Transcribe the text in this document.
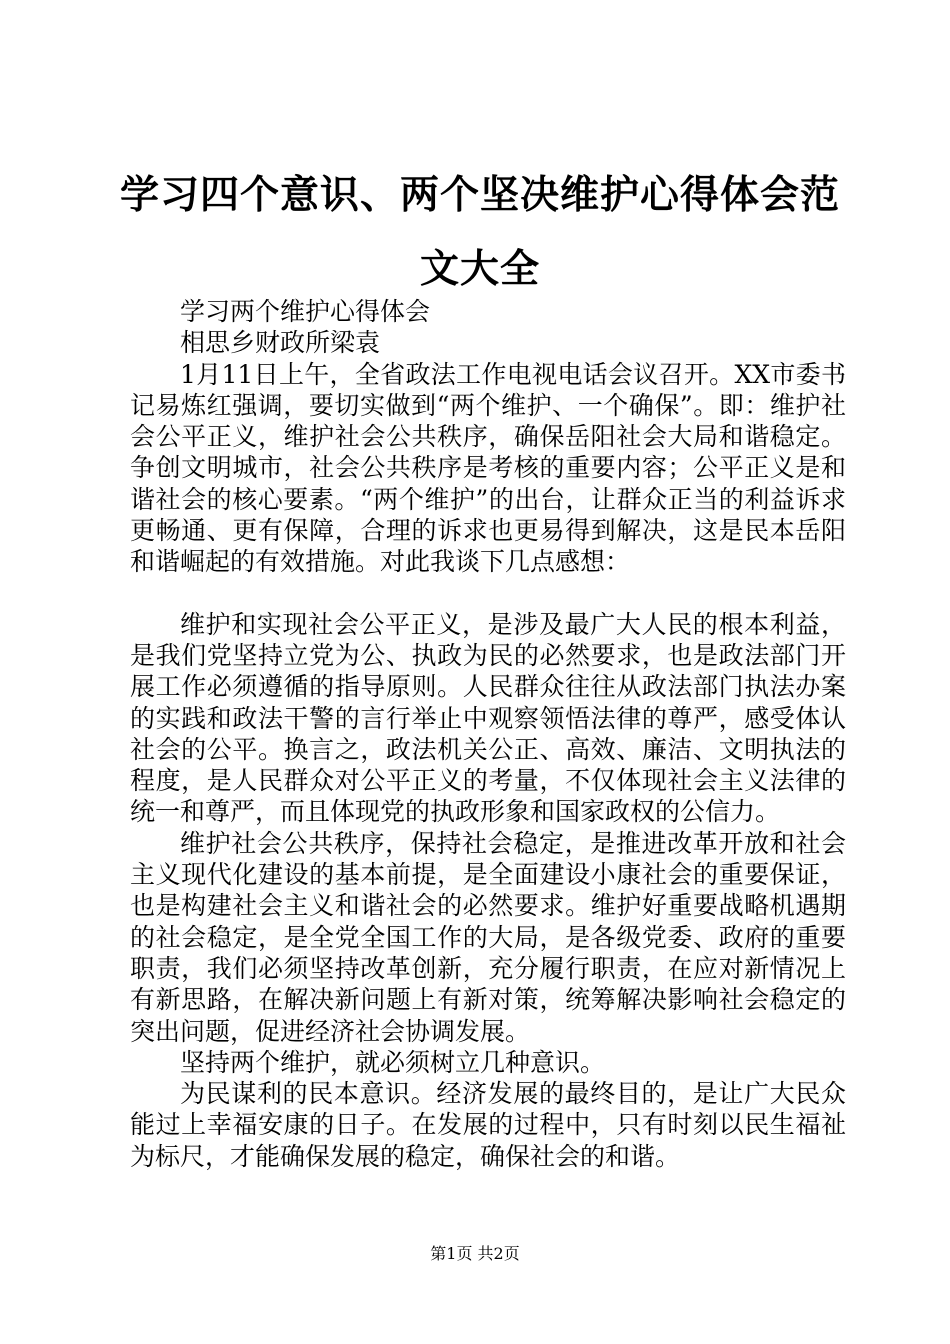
学习四个意识、两个坚决维护心得体会范文大全

学习两个维护心得体会

相思乡财政所梁袁

1月11日上午，全省政法工作电视电话会议召开。XX市委书记易炼红强调，要切实做到“两个维护、一个确保”。即：维护社会公平正义，维护社会公共秩序，确保岳阳社会大局和谐稳定。争创文明城市，社会公共秩序是考核的重要内容；公平正义是和谐社会的核心要素。“两个维护”的出台，让群众正当的利益诉求更畅通、更有保障，合理的诉求也更易得到解决，这是民本岳阳和谐崛起的有效措施。对此我谈下几点感想：

维护和实现社会公平正义，是涉及最广大人民的根本利益，是我们党坚持立党为公、执政为民的必然要求，也是政法部门开展工作必须遵循的指导原则。人民群众往往从政法部门执法办案的实践和政法干警的言行举止中观察领悟法律的尊严，感受体认社会的公平。换言之，政法机关公正、高效、廉洁、文明执法的程度，是人民群众对公平正义的考量，不仅体现社会主义法律的统一和尊严，而且体现党的执政形象和国家政权的公信力。

维护社会公共秩序，保持社会稳定，是推进改革开放和社会主义现代化建设的基本前提，是全面建设小康社会的重要保证，也是构建社会主义和谐社会的必然要求。维护好重要战略机遇期的社会稳定，是全党全国工作的大局，是各级党委、政府的重要职责，我们必须坚持改革创新，充分履行职责，在应对新情况上有新思路，在解决新问题上有新对策，统筹解决影响社会稳定的突出问题，促进经济社会协调发展。

坚持两个维护，就必须树立几种意识。

为民谋利的民本意识。经济发展的最终目的，是让广大民众能过上幸福安康的日子。在发展的过程中，只有时刻以民生福祉为标尺，才能确保发展的稳定，确保社会的和谐。

第1页 共2页
